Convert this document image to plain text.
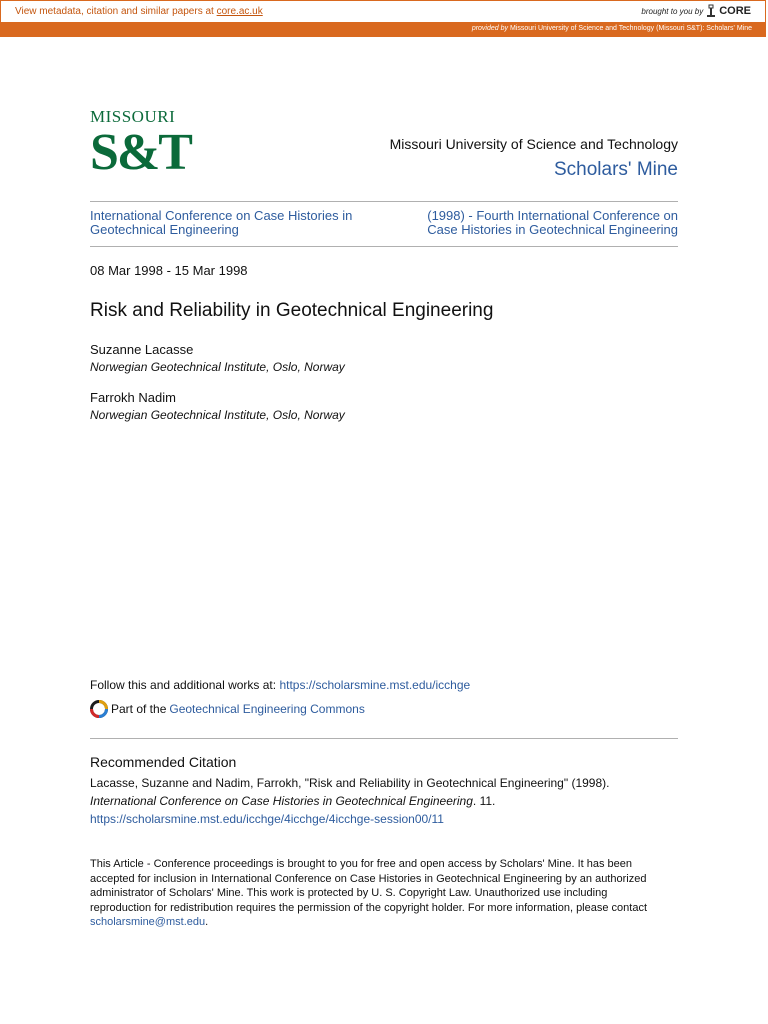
View metadata, citation and similar papers at core.ac.uk	brought to you by CORE
provided by Missouri University of Science and Technology (Missouri S&T): Scholars' Mine
MISSOURI
S&T	Missouri University of Science and Technology
Scholars' Mine
International Conference on Case Histories in Geotechnical Engineering
(1998) - Fourth International Conference on Case Histories in Geotechnical Engineering
08 Mar 1998 - 15 Mar 1998
Risk and Reliability in Geotechnical Engineering
Suzanne Lacasse
Norwegian Geotechnical Institute, Oslo, Norway
Farrokh Nadim
Norwegian Geotechnical Institute, Oslo, Norway
Follow this and additional works at: https://scholarsmine.mst.edu/icchge
Part of the Geotechnical Engineering Commons
Recommended Citation
Lacasse, Suzanne and Nadim, Farrokh, "Risk and Reliability in Geotechnical Engineering" (1998).
International Conference on Case Histories in Geotechnical Engineering. 11.
https://scholarsmine.mst.edu/icchge/4icchge/4icchge-session00/11
This Article - Conference proceedings is brought to you for free and open access by Scholars' Mine. It has been accepted for inclusion in International Conference on Case Histories in Geotechnical Engineering by an authorized administrator of Scholars' Mine. This work is protected by U. S. Copyright Law. Unauthorized use including reproduction for redistribution requires the permission of the copyright holder. For more information, please contact scholarsmine@mst.edu.
